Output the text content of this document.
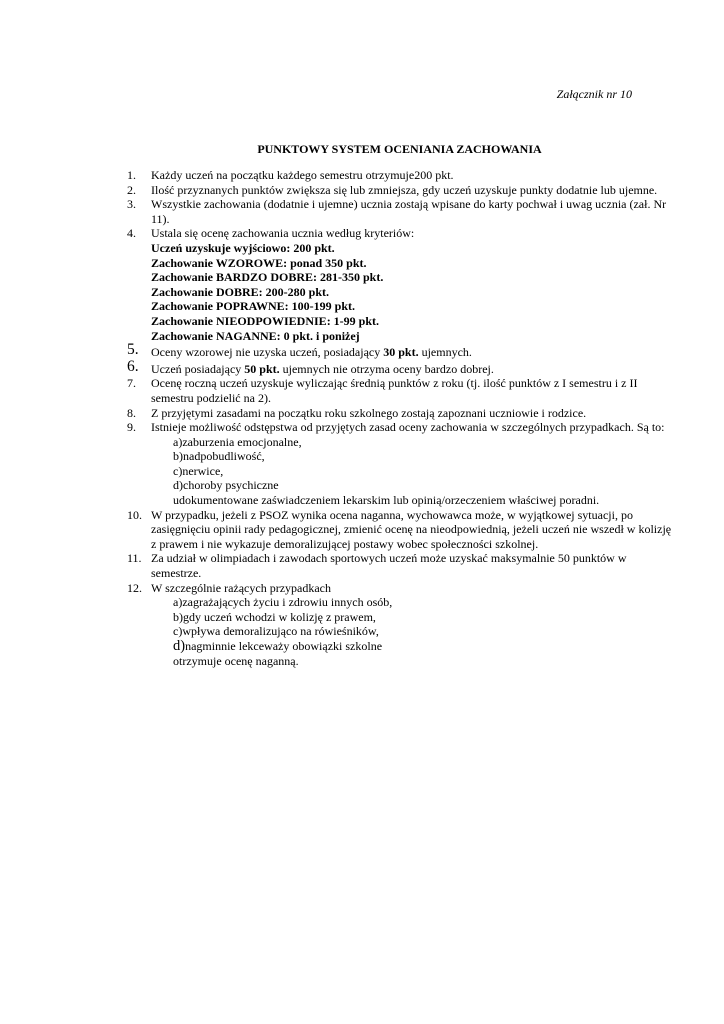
Załącznik nr 10
PUNKTOWY SYSTEM OCENIANIA ZACHOWANIA
1. Każdy uczeń na początku każdego semestru otrzymuje200 pkt.
2. Ilość przyznanych punktów zwiększa się lub zmniejsza, gdy uczeń uzyskuje punkty dodatnie lub ujemne.
3. Wszystkie zachowania (dodatnie i ujemne) ucznia zostają wpisane do karty pochwał i uwag ucznia (zał. Nr 11).
4. Ustala się ocenę zachowania ucznia według kryteriów:
Uczeń uzyskuje wyjściowo: 200 pkt.
Zachowanie WZOROWE: ponad 350 pkt.
Zachowanie BARDZO DOBRE: 281-350 pkt.
Zachowanie DOBRE: 200-280 pkt.
Zachowanie POPRAWNE: 100-199 pkt.
Zachowanie NIEODPOWIEDNIE: 1-99 pkt.
Zachowanie NAGANNE: 0 pkt. i poniżej
5. Oceny wzorowej nie uzyska uczeń, posiadający 30 pkt. ujemnych.
6. Uczeń posiadający 50 pkt. ujemnych nie otrzyma oceny bardzo dobrej.
7. Ocenę roczną uczeń uzyskuje wyliczając średnią punktów z roku (tj. ilość punktów z I semestru i z II semestru podzielić na 2).
8. Z przyjętymi zasadami na początku roku szkolnego zostają zapoznani uczniowie i rodzice.
9. Istnieje możliwość odstępstwa od przyjętych zasad oceny zachowania w szczególnych przypadkach. Są to:
a)zaburzenia emocjonalne,
b)nadpobudliwość,
c)nerwice,
d)choroby psychiczne
udokumentowane zaświadczeniem lekarskim lub opinią/orzeczeniem właściwej poradni.
10. W przypadku, jeżeli z PSOZ wynika ocena naganna, wychowawca może, w wyjątkowej sytuacji, po zasięgnięciu opinii rady pedagogicznej, zmienić ocenę na nieodpowiednią, jeżeli uczeń nie wszedł w kolizję z prawem i nie wykazuje demoralizującej postawy wobec społeczności szkolnej.
11. Za udział w olimpiadach i zawodach sportowych uczeń może uzyskać maksymalnie 50 punktów w semestrze.
12. W szczególnie rażących przypadkach
a)zagrażających życiu i zdrowiu innych osób,
b)gdy uczeń wchodzi w kolizję z prawem,
c)wpływa demoralizująco na rówieśników,
d)nagminnie lekceważy obowiązki szkolne
otrzymuje ocenę naganną.
